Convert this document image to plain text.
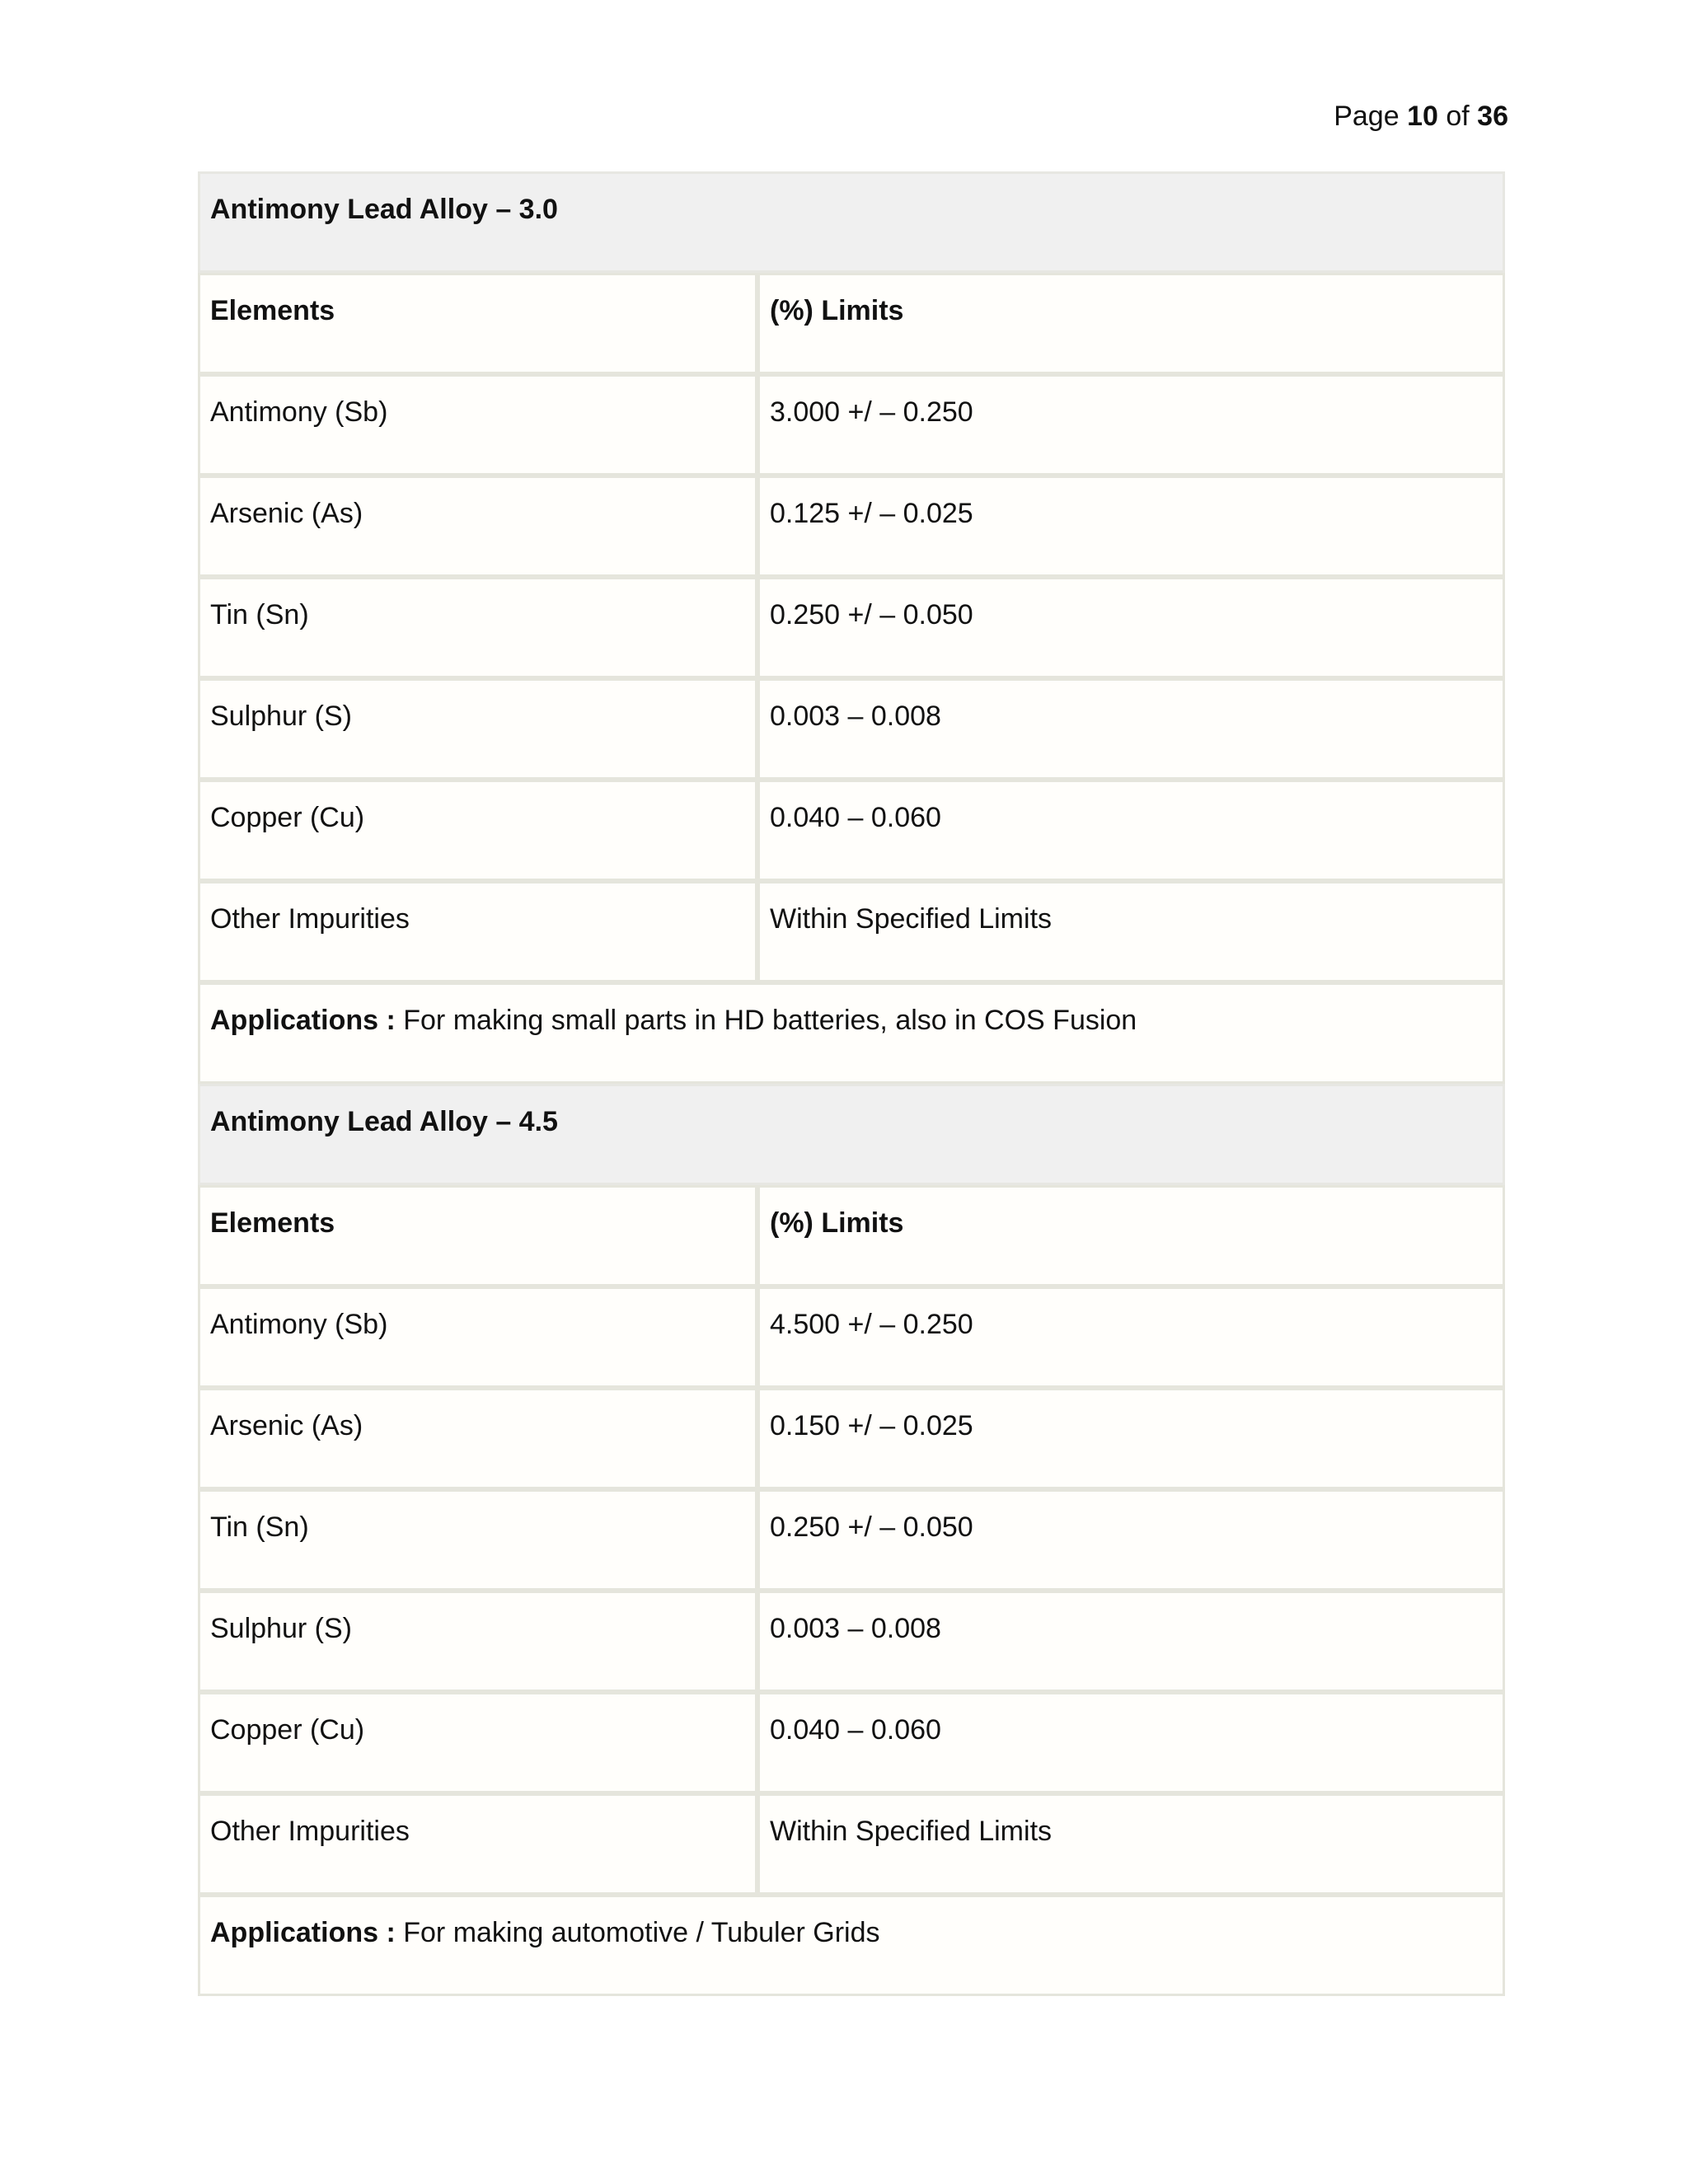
Page 10 of 36
Antimony Lead Alloy – 3.0	
Elements	(%) Limits
Antimony (Sb)	3.000 +/ – 0.250
Arsenic (As)	0.125 +/ – 0.025
Tin (Sn)	0.250 +/ – 0.050
Sulphur (S)	0.003 – 0.008
Copper (Cu)	0.040 – 0.060
Other Impurities	Within Specified Limits
Applications : For making small parts in HD batteries, also in COS Fusion	
Antimony Lead Alloy – 4.5	
Elements	(%) Limits
Antimony (Sb)	4.500 +/ – 0.250
Arsenic (As)	0.150 +/ – 0.025
Tin (Sn)	0.250 +/ – 0.050
Sulphur (S)	0.003 – 0.008
Copper (Cu)	0.040 – 0.060
Other Impurities	Within Specified Limits
Applications : For making automotive / Tubuler Grids	
